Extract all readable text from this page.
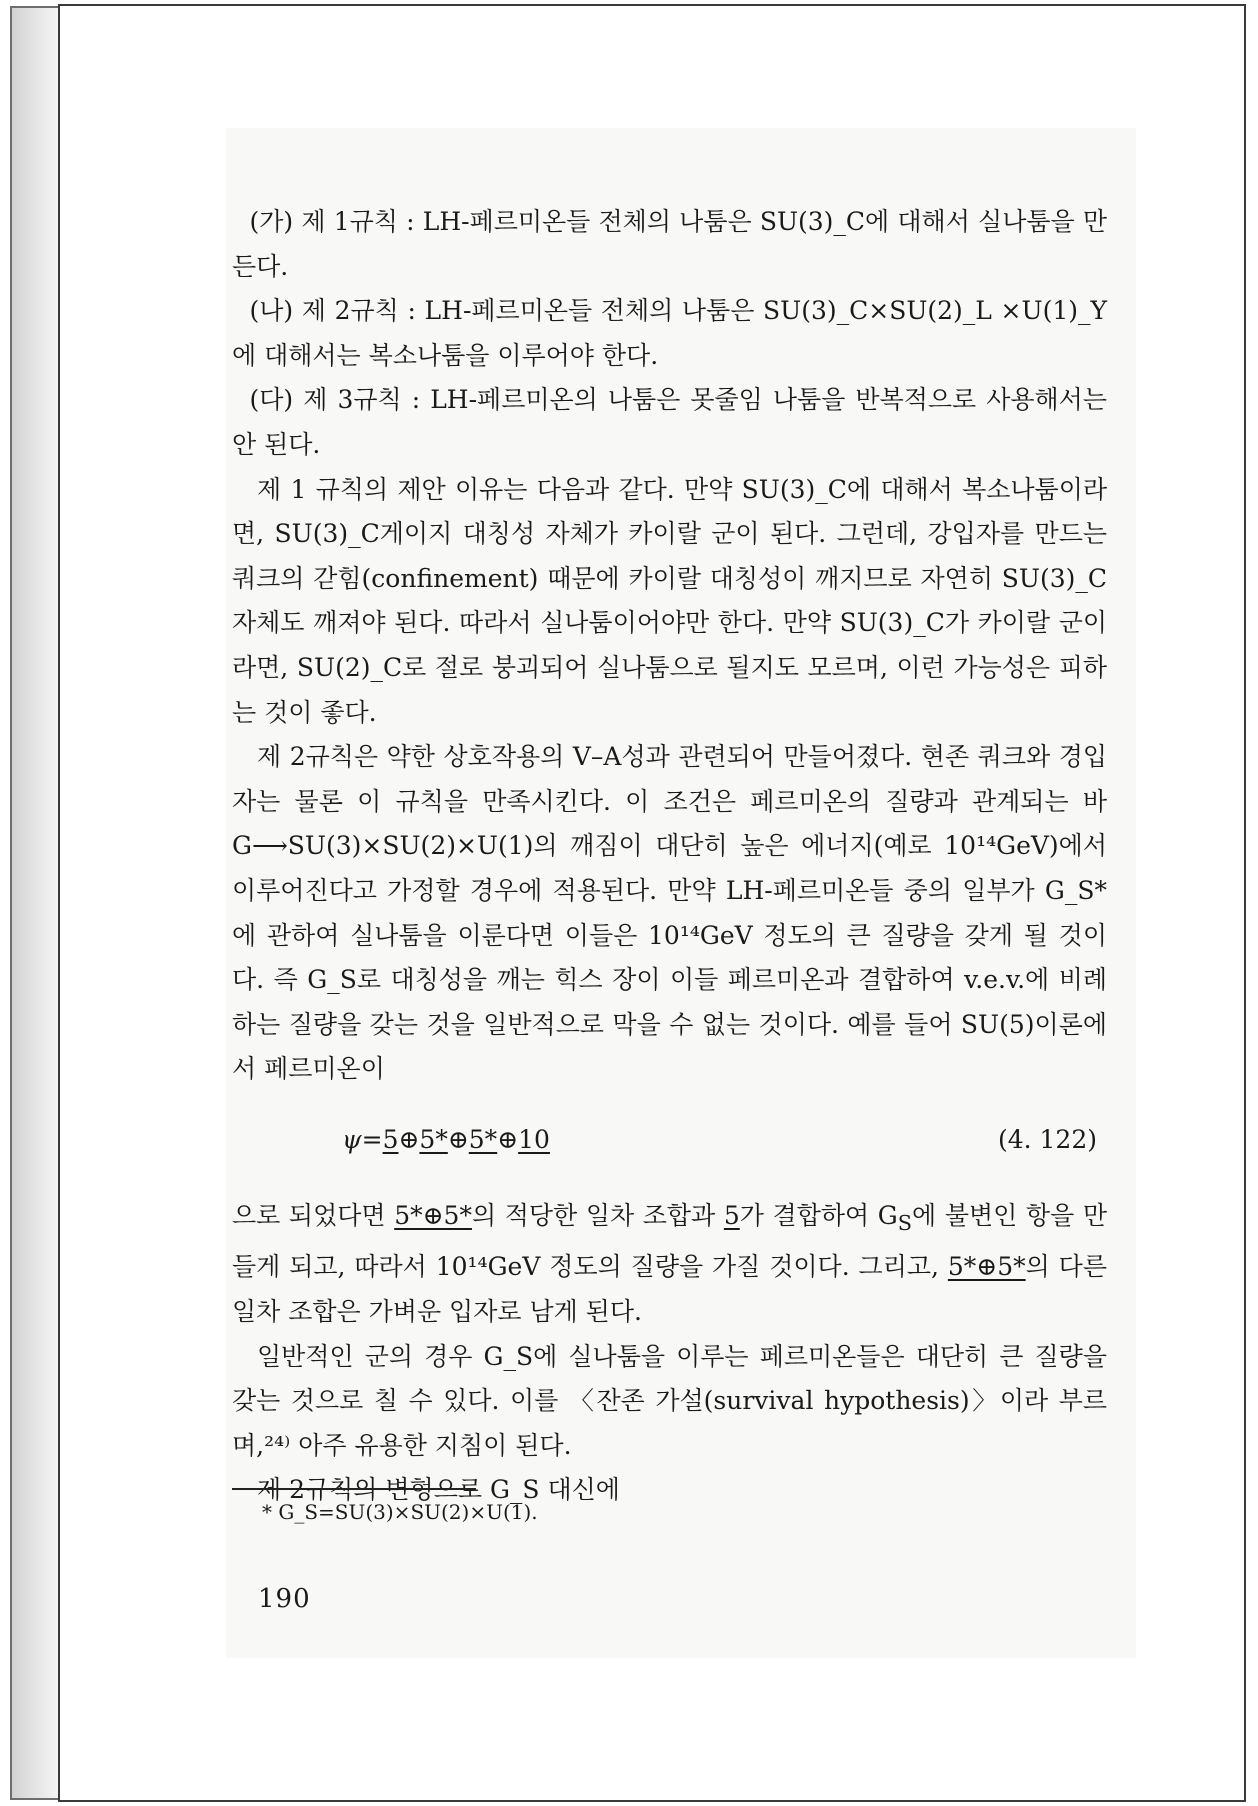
(가) 제 1규칙 : LH-페르미온들 전체의 나툼은 SU(3)_C에 대해서 실나툼을 만든다.

(나) 제 2규칙 : LH-페르미온들 전체의 나툼은 SU(3)_C×SU(2)_L ×U(1)_Y에 대해서는 복소나툼을 이루어야 한다.

(다) 제 3규칙 : LH-페르미온의 나툼은 못줄임 나툼을 반복적으로 사용해서는 안 된다.

제 1 규칙의 제안 이유는 다음과 같다. 만약 SU(3)_C에 대해서 복소나툼이라면, SU(3)_C게이지 대칭성 자체가 카이랄 군이 된다. 그런데, 강입자를 만드는 쿼크의 갇힘(confinement) 때문에 카이랄 대칭성이 깨지므로 자연히 SU(3)_C 자체도 깨져야 된다. 따라서 실나툼이어야만 한다. 만약 SU(3)_C가 카이랄 군이라면, SU(2)_C로 절로 붕괴되어 실나툼으로 될지도 모르며, 이런 가능성은 피하는 것이 좋다.

제 2규칙은 약한 상호작용의 V–A성과 관련되어 만들어졌다. 현존 쿼크와 경입자는 물론 이 규칙을 만족시킨다. 이 조건은 페르미온의 질량과 관계되는 바 G⟶SU(3)×SU(2)×U(1)의 깨짐이 대단히 높은 에너지(예로 10¹⁴GeV)에서 이루어진다고 가정할 경우에 적용된다. 만약 LH-페르미온들 중의 일부가 G_S*에 관하여 실나툼을 이룬다면 이들은 10¹⁴GeV 정도의 큰 질량을 갖게 될 것이다. 즉 G_S로 대칭성을 깨는 힉스 장이 이들 페르미온과 결합하여 v.e.v.에 비례하는 질량을 갖는 것을 일반적으로 막을 수 없는 것이다. 예를 들어 SU(5)이론에서 페르미온이

ψ=5⊕5*⊕5*⊕10	(4. 122)

으로 되었다면 5*⊕5*의 적당한 일차 조합과 5가 결합하여 $G_S$에 불변인 항을 만들게 되고, 따라서 10¹⁴GeV 정도의 질량을 가질 것이다. 그리고, 5*⊕5*의 다른 일차 조합은 가벼운 입자로 남게 된다.

일반적인 군의 경우 G_S에 실나툼을 이루는 페르미온들은 대단히 큰 질량을 갖는 것으로 칠 수 있다. 이를 〈잔존 가설(survival hypothesis)〉이라 부르며,²⁴⁾ 아주 유용한 지침이 된다.

제 2규칙의 변형으로 G_S 대신에

* G_S=SU(3)×SU(2)×U(1).
190
